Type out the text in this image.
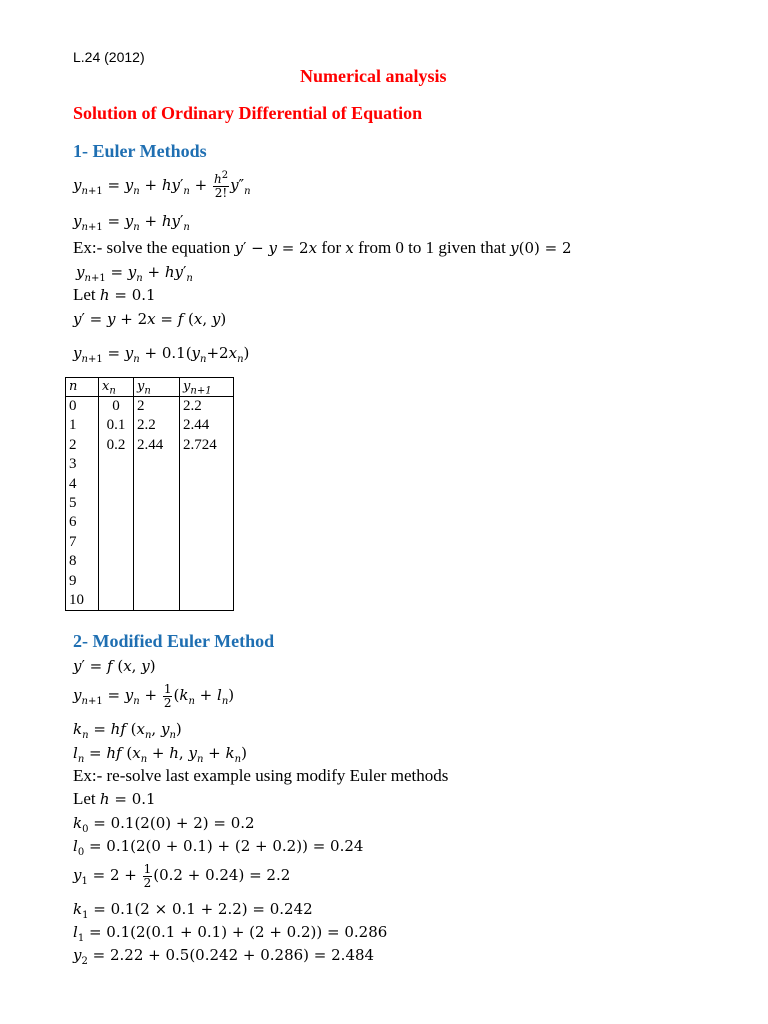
L.24 (2012)
Numerical analysis
Solution of Ordinary Differential of Equation
1- Euler Methods
$y_{n+1} = y_n + hy'_n + \frac{h^2}{2!} y''_n$
$y_{n+1} = y_n + hy'_n$
Ex:- solve the equation y′ − y = 2x for x from 0 to 1 given that y(0) = 2
$y_{n+1} = y_n + hy'_n$
Let h = 0.1
y′ = y + 2x = f (x, y)
$y_{n+1} = y_n + 0.1(y_n+2x_n)$
n	$x_n$	$y_n$	$y_{n+1}$
0	0	2	2.2
1	0.1	2.2	2.44
2	0.2	2.44	2.724
3			
4			
5			
6			
7			
8			
9			
10			
2- Modified Euler Method
y′ = f (x, y)
$y_{n+1} = y_n + \frac{1}{2} (k_n + l_n)$
$k_n$ = hf ($x_n$, $y_n$)
$l_n$ = hf ($x_n + h$, $y_n + k_n$)
Ex:- re-solve last example using modify Euler methods
Let h = 0.1
$k_0 = 0.1(2(0) + 2) = 0.2$
$l_0 = 0.1(2(0 + 0.1) + (2 + 0.2)) = 0.24$
$y_1 = 2 + \frac{1}{2} (0.2 + 0.24) = 2.2$
$k_1 = 0.1(2 \times 0.1 + 2.2) = 0.242$
$l_1 = 0.1(2(0.1 + 0.1) + (2 + 0.2)) = 0.286$
$y_2 = 2.22 + 0.5(0.242 + 0.286) = 2.484$
